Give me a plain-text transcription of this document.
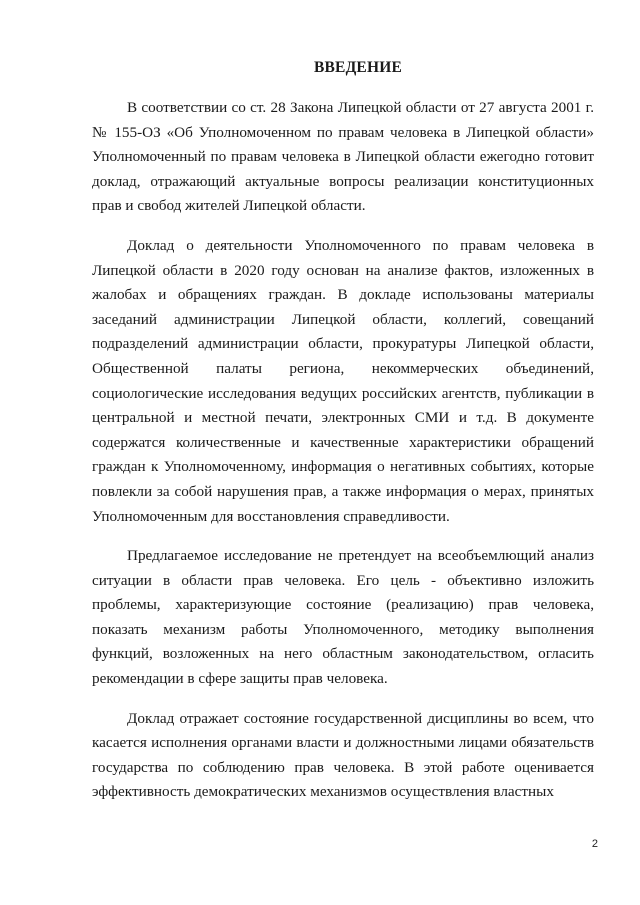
ВВЕДЕНИЕ

В соответствии со ст. 28 Закона Липецкой области от 27 августа 2001 г. № 155-ОЗ «Об Уполномоченном по правам человека в Липецкой области» Уполномоченный по правам человека в Липецкой области ежегодно готовит доклад, отражающий актуальные вопросы реализации конституционных прав и свобод жителей Липецкой области.

Доклад о деятельности Уполномоченного по правам человека в Липецкой области в 2020 году основан на анализе фактов, изложенных в жалобах и обращениях граждан. В докладе использованы материалы заседаний администрации Липецкой области, коллегий, совещаний подразделений администрации области, прокуратуры Липецкой области, Общественной палаты региона, некоммерческих объединений, социологические исследования ведущих российских агентств, публикации в центральной и местной печати, электронных СМИ и т.д. В документе содержатся количественные и качественные характеристики обращений граждан к Уполномоченному, информация о негативных событиях, которые повлекли за собой нарушения прав, а также информация о мерах, принятых Уполномоченным для восстановления справедливости.

Предлагаемое исследование не претендует на всеобъемлющий анализ ситуации в области прав человека. Его цель - объективно изложить проблемы, характеризующие состояние (реализацию) прав человека, показать механизм работы Уполномоченного, методику выполнения функций, возложенных на него областным законодательством, огласить рекомендации в сфере защиты прав человека.

Доклад отражает состояние государственной дисциплины во всем, что касается исполнения органами власти и должностными лицами обязательств государства по соблюдению прав человека. В этой работе оценивается эффективность демократических механизмов осуществления властных

2
